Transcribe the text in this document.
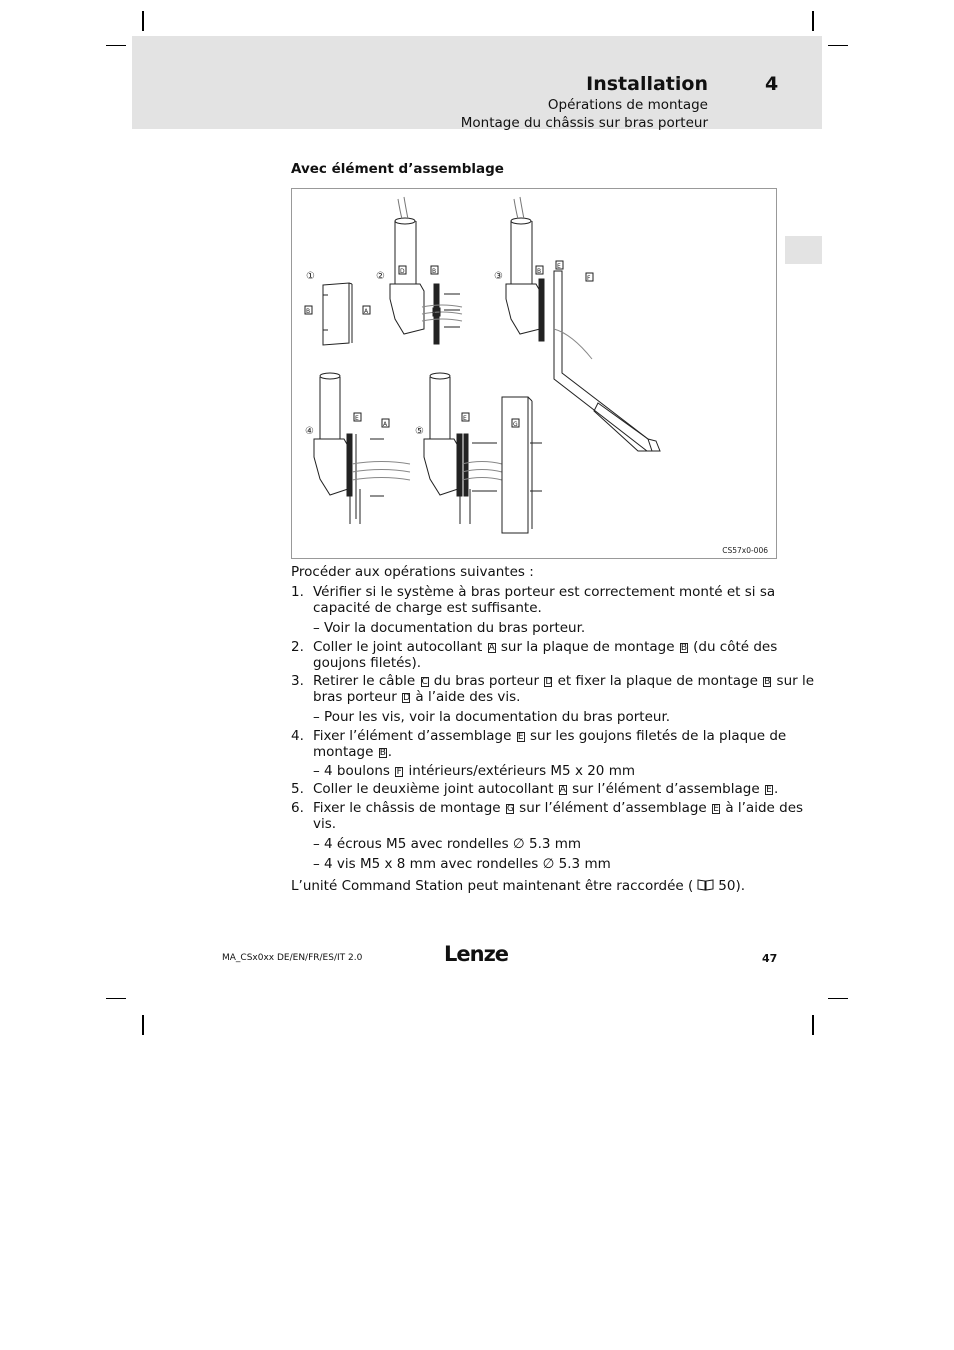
Installation	4
Opérations de montage
Montage du châssis sur bras porteur
Avec élément d’assemblage
①	②	③
④	⑤
B	A
D	B
C
B
E
F
E
A
E
G
CS57x0-006
Procéder aux opérations suivantes :
1. Vérifier si le système à bras porteur est correctement monté et si sa
capacité de charge est suffisante.
– Voir la documentation du bras porteur.
2. Coller le joint autocollant A sur la plaque de montage B (du côté des
goujons filetés).
3. Retirer le câble C du bras porteur D et fixer la plaque de montage B sur le
bras porteur D à l’aide des vis.
– Pour les vis, voir la documentation du bras porteur.
4. Fixer l’élément d’assemblage E sur les goujons filetés de la plaque de
montage B .
– 4 boulons F intérieurs/extérieurs M5 x 20 mm
5. Coller le deuxième joint autocollant A sur l’élément d’assemblage E .
6. Fixer le châssis de montage G sur l’élément d’assemblage E à l’aide des
vis.
– 4 écrous M5 avec rondelles ∅ 5.3 mm
– 4 vis M5 x 8 mm avec rondelles ∅ 5.3 mm
L’unité Command Station peut maintenant être raccordée ( 50).
MA_CSx0xx DE/EN/FR/ES/IT 2.0	Lenze	47
